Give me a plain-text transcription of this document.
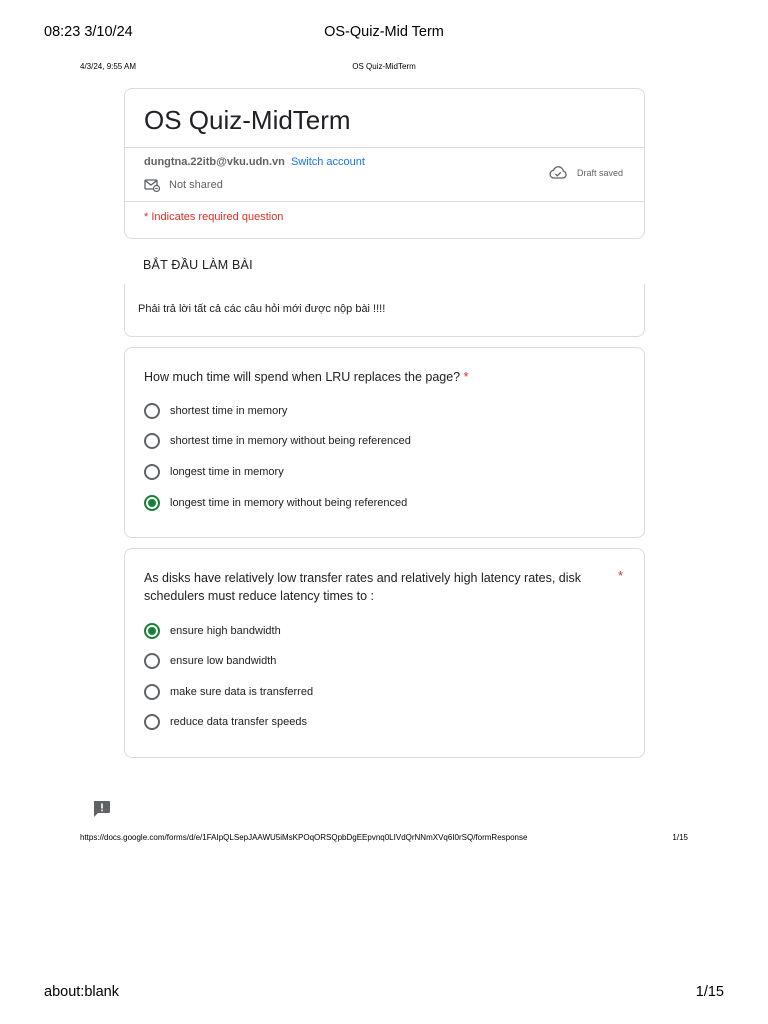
08:23 3/10/24	OS-Quiz-Mid Term
4/3/24, 9:55 AM	OS Quiz-MidTerm
OS Quiz-MidTerm
dungtna.22itb@vku.udn.vn Switch account
Not shared
Draft saved
* Indicates required question
BẮT ĐẦU LÀM BÀI
Phải trả lời tất cả các câu hỏi mới được nộp bài !!!!
How much time will spend when LRU replaces the page? *
shortest time in memory
shortest time in memory without being referenced
longest time in memory
longest time in memory without being referenced
As disks have relatively low transfer rates and relatively high latency rates, disk schedulers must reduce latency times to :
*
ensure high bandwidth
ensure low bandwidth
make sure data is transferred
reduce data transfer speeds
https://docs.google.com/forms/d/e/1FAIpQLSepJAAWU5iMsKPOqORSQpbDgEEpvnq0LIVdQrNNmXVq6I0rSQ/formResponse	1/15
about:blank	1/15
